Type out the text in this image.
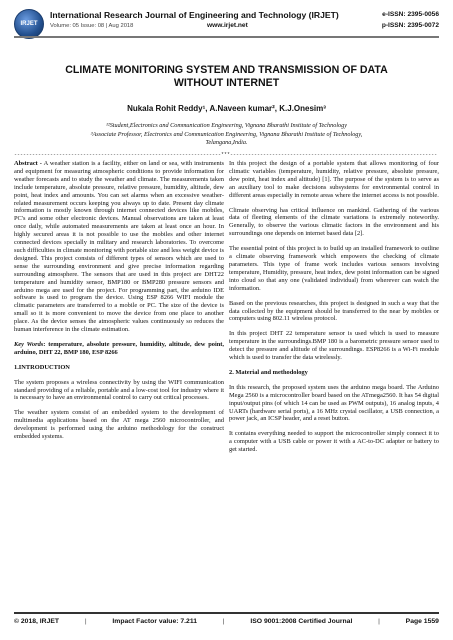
IRJET
International Research Journal of Engineering and Technology (IRJET)	e-ISSN: 2395-0056
Volume: 05 Issue: 08 | Aug 2018	www.irjet.net	p-ISSN: 2395-0072
CLIMATE MONITORING SYSTEM AND TRANSMISSION OF DATA
WITHOUT INTERNET
Nukala Rohit Reddy¹, A.Naveen kumar², K.J.Onesim³
¹²Student,Electronics and Communication Engineering, Vignana Bharathi Institute of Technology
³Associate Professor, Electronics and Communication Engineering, Vignana Bharathi Institute of Technology,
Telangana,India.
---------------------------------------------------------------------***---------------------------------------------------------------------

Abstract - A weather station is a facility, either on land or sea, with instruments and equipment for measuring atmospheric conditions to provide information for weather forecasts and to study the weather and climate. The measurements taken include temperature, absolute pressure, relative pressure, humidity, altitude, dew point, heat index and amounts. You can set alarms when an excessive weather-related measurement occurs keeping you always up to date. Present day climate information is mostly known through internet connected devices like mobiles, PC's and some other electronic devices. Manual observations are taken at least once daily, while automated measurements are taken at least once an hour. In highly secured areas it is not possible to use the mobiles and other internet connected devices specially in military and research laboratories. To overcome such difficulties in climate monitoring with portable size and less weight device is designed. This project consists of different types of sensors which are used to sense the surrounding environment and give precise information regarding surrounding atmosphere. The sensors that are used in this project are DHT22 temperature and humidity sensor, BMP180 or BMP280 pressure sensors and arduino mega are used for the project. For programming part, the arduino IDE software is used to program the device. Using ESP 8266 WIFI module the climatic parameters are transferred to a mobile or PC. The size of the device is small so it is more convenient to move the device from one place to another place. As the device senses the atmospheric values continuously so reduces the human interference in the climate estimation.

Key Words: temperature, absolute pressure, humidity, altitude, dew point, arduino, DHT 22, BMP 180, ESP 8266

1.INTRODUCTION

The system proposes a wireless connectivity by using the WIFI communication standard providing of a reliable, portable and a low-cost tool for industry where it is necessary to have an environmental control to carry out critical processes.

The weather system consist of an embedded system to the development of multimedia applications based on the AT mega 2560 microcontroller, and development is performed using the arduino methodology for the construct embedded systems.

In this project the design of a portable system that allows monitoring of four climatic variables (temperature, humidity, relative pressure, absolute pressure, dew point, heat index and altitude) [1]. The purpose of the system is to serve as an auxiliary tool to make decisions subsystems for environmental control in different areas especially in remote areas where the internet access is not possible.

Climate observing has critical influence on mankind. Gathering of the various data of fleeting elements of the climate variations is extremely noteworthy. Generally, to observe the various climatic factors in the environment and his surroundings one depends on internet based data [2].

The essential point of this project is to build up an installed framework to outline a climate observing framework which empowers the checking of climate parameters. This type of frame work includes various sensors involving temperature, Humidity, pressure, heat index, dew point information can be signed into cloud so that any one (validated individual) from wherever can watch the information.

Based on the previous researches, this project is designed in such a way that the data collected by the equipment should be transferred to the near by mobiles or computers using 802.11 wireless protocol.

In this project DHT 22 temperature sensor is used which is used to measure temperature in the surroundings.BMP 180 is a barometric pressure sensor used to detect the pressure and altitude of the surroundings. ESP8266 is a Wi-Fi module which is used to transfer the data wirelessly.

2. Material and methodology

In this research, the proposed system uses the arduino mega board. The Arduino Mega 2560 is a microcontroller board based on the ATmega2560. It has 54 digital input/output pins (of which 14 can be used as PWM outputs), 16 analog inputs, 4 UARTs (hardware serial ports), a 16 MHz crystal oscillator, a USB connection, a power jack, an ICSP header, and a reset button.

It contains everything needed to support the microcontroller simply connect it to a computer with a USB cable or power it with a AC-to-DC adapter or battery to get started.

© 2018, IRJET	|	Impact Factor value: 7.211	|	ISO 9001:2008 Certified Journal	|	Page 1559
